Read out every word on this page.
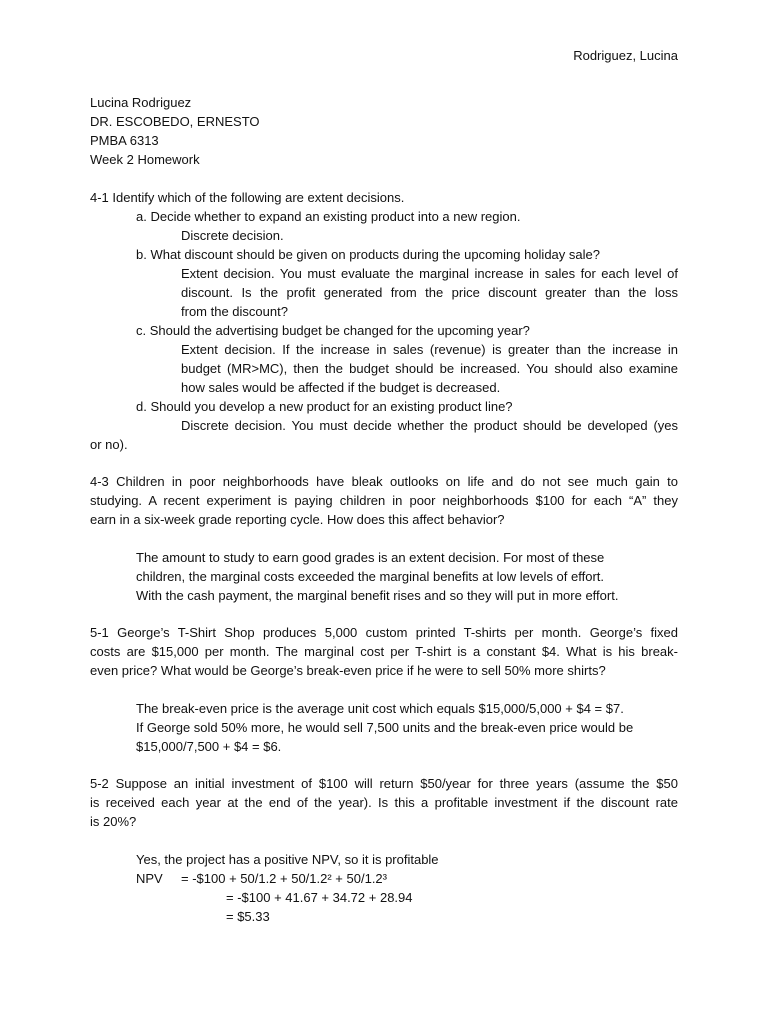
Rodriguez, Lucina
Lucina Rodriguez
DR. ESCOBEDO, ERNESTO
PMBA 6313
Week 2 Homework
4-1 Identify which of the following are extent decisions.
a. Decide whether to expand an existing product into a new region.
Discrete decision.
b. What discount should be given on products during the upcoming holiday sale?
Extent decision. You must evaluate the marginal increase in sales for each level of
discount. Is the profit generated from the price discount greater than the loss
from the discount?
c. Should the advertising budget be changed for the upcoming year?
Extent decision. If the increase in sales (revenue) is greater than the increase in
budget (MR>MC), then the budget should be increased. You should also examine
how sales would be affected if the budget is decreased.
d. Should you develop a new product for an existing product line?
Discrete decision. You must decide whether the product should be developed (yes
or no).
4-3 Children in poor neighborhoods have bleak outlooks on life and do not see much gain to
studying. A recent experiment is paying children in poor neighborhoods $100 for each “A” they
earn in a six-week grade reporting cycle. How does this affect behavior?
The amount to study to earn good grades is an extent decision. For most of these
children, the marginal costs exceeded the marginal benefits at low levels of effort.
With the cash payment, the marginal benefit rises and so they will put in more effort.
5-1 George’s T-Shirt Shop produces 5,000 custom printed T-shirts per month. George’s fixed
costs are $15,000 per month. The marginal cost per T-shirt is a constant $4. What is his break-
even price? What would be George’s break-even price if he were to sell 50% more shirts?
The break-even price is the average unit cost which equals $15,000/5,000 + $4 = $7.
If George sold 50% more, he would sell 7,500 units and the break-even price would be
$15,000/7,500 + $4 = $6.
5-2 Suppose an initial investment of $100 will return $50/year for three years (assume the $50
is received each year at the end of the year). Is this a profitable investment if the discount rate
is 20%?
Yes, the project has a positive NPV, so it is profitable
NPV = -$100 + 50/1.2 + 50/1.2² + 50/1.2³
= -$100 + 41.67 + 34.72 + 28.94
= $5.33
